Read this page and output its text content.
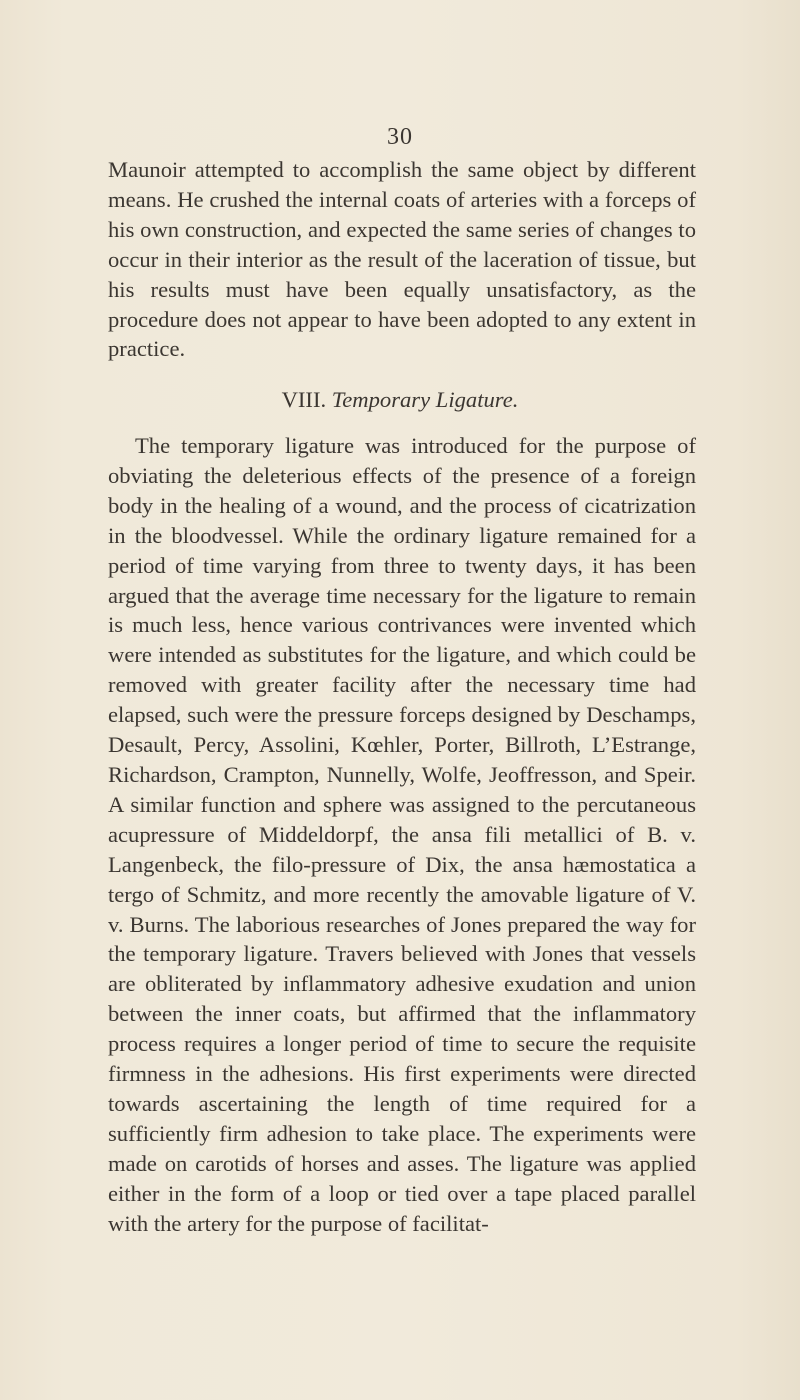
30

Maunoir attempted to accomplish the same object by different means. He crushed the internal coats of arteries with a forceps of his own construction, and expected the same series of changes to occur in their interior as the result of the laceration of tissue, but his results must have been equally unsatisfactory, as the procedure does not appear to have been adopted to any extent in practice.

VIII. Temporary Ligature.

The temporary ligature was introduced for the purpose of obviating the deleterious effects of the presence of a foreign body in the healing of a wound, and the process of cicatrization in the bloodvessel. While the ordinary ligature remained for a period of time varying from three to twenty days, it has been argued that the average time necessary for the ligature to remain is much less, hence various contrivances were invented which were intended as substitutes for the ligature, and which could be removed with greater facility after the necessary time had elapsed, such were the pressure forceps designed by Deschamps, Desault, Percy, Assolini, Kœhler, Porter, Billroth, L’Estrange, Richardson, Crampton, Nunnelly, Wolfe, Jeoffresson, and Speir. A similar function and sphere was assigned to the percutaneous acupressure of Middeldorpf, the ansa fili metallici of B. v. Langenbeck, the filo-pressure of Dix, the ansa hæmostatica a tergo of Schmitz, and more recently the amovable ligature of V. v. Burns. The laborious researches of Jones prepared the way for the temporary ligature. Travers believed with Jones that vessels are obliterated by inflammatory adhesive exudation and union between the inner coats, but affirmed that the inflammatory process requires a longer period of time to secure the requisite firmness in the adhesions. His first experiments were directed towards ascertaining the length of time required for a sufficiently firm adhesion to take place. The experiments were made on carotids of horses and asses. The ligature was applied either in the form of a loop or tied over a tape placed parallel with the artery for the purpose of facilitat-
